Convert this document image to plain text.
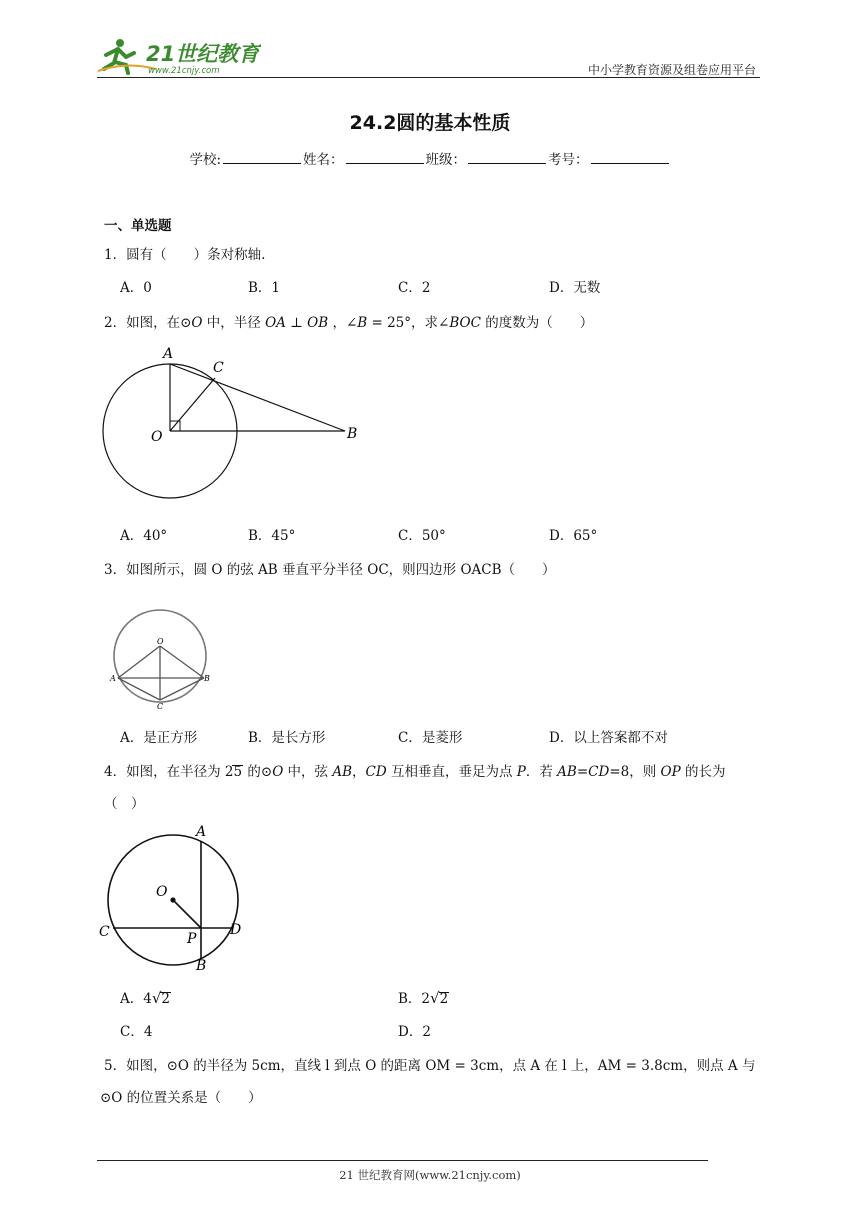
21世纪教育
www.21cnjy.com	中小学教育资源及组卷应用平台
24.2圆的基本性质
学校:	姓名：	班级：	考号：
一、单选题
1．圆有（　　）条对称轴.
A．0	B．1	C．2	D．无数
2．如图，在⊙O 中，半径 OA ⊥ OB ，∠B = 25°，求∠BOC 的度数为（　　）
A
C
O	B
A．40°	B．45°	C．50°	D．65°
3．如图所示，圆 O 的弦 AB 垂直平分半径 OC，则四边形 OACB（　　）
O
A	B
C
A．是正方形	B．是长方形	C．是菱形	D．以上答案都不对
4．如图，在半径为 25 的⊙O 中，弦 AB，CD 互相垂直，垂足为点 P．若 AB=CD=8，则 OP 的长为
（　）
A
O
C	P
D
B
A．4√2	B．2√2
C．4	D．2
5．如图，⊙O 的半径为 5cm，直线 l 到点 O 的距离 OM = 3cm，点 A 在 l 上，AM = 3.8cm，则点 A 与
⊙O 的位置关系是（　　）
21 世纪教育网(www.21cnjy.com)
